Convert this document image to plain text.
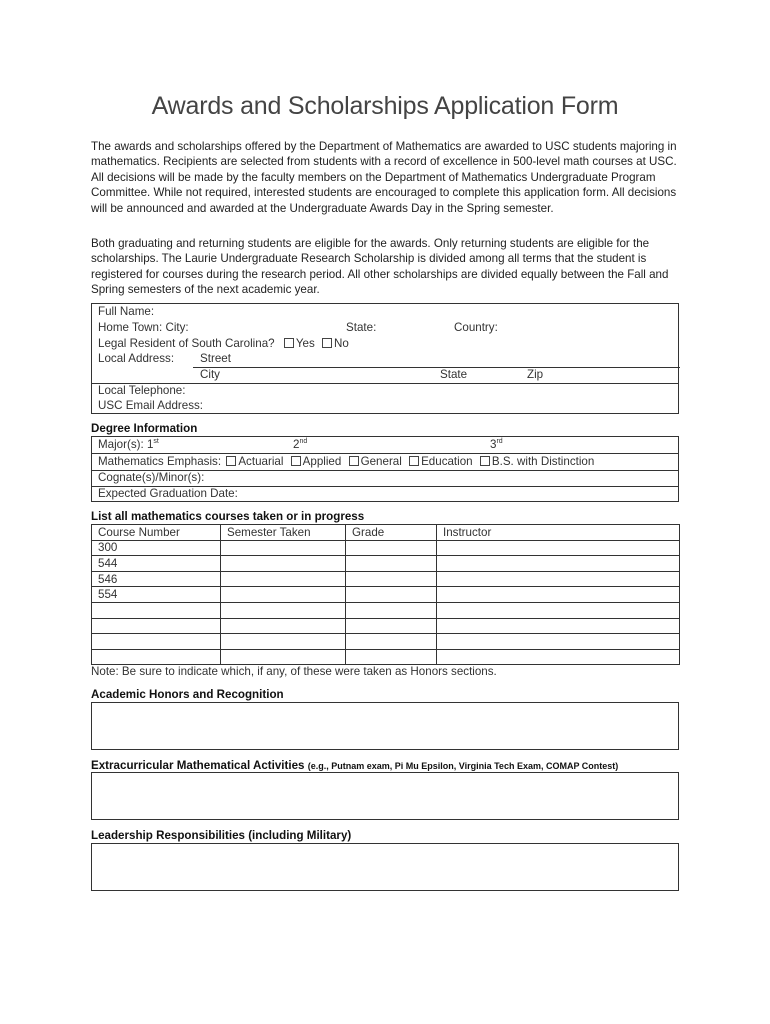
Awards and Scholarships Application Form

The awards and scholarships offered by the Department of Mathematics are awarded to USC students majoring in mathematics. Recipients are selected from students with a record of excellence in 500-level math courses at USC. All decisions will be made by the faculty members on the Department of Mathematics Undergraduate Program Committee. While not required, interested students are encouraged to complete this application form. All decisions will be announced and awarded at the Undergraduate Awards Day in the Spring semester.

Both graduating and returning students are eligible for the awards. Only returning students are eligible for the scholarships. The Laurie Undergraduate Research Scholarship is divided among all terms that the student is registered for courses during the research period. All other scholarships are divided equally between the Fall and Spring semesters of the next academic year.

Full Name:
Home Town: City:	State:	Country:
Legal Resident of South Carolina? Yes No
Local Address: Street
City	State	Zip
Local Telephone:
USC Email Address:
Degree Information
Major(s): 1st	2nd	3rd
Mathematics Emphasis: Actuarial Applied General Education B.S. with Distinction
Cognate(s)/Minor(s):
Expected Graduation Date:
List all mathematics courses taken or in progress
Course Number	Semester Taken	Grade	Instructor
300			
544			
546			
554			

Note: Be sure to indicate which, if any, of these were taken as Honors sections.
Academic Honors and Recognition
Extracurricular Mathematical Activities (e.g., Putnam exam, Pi Mu Epsilon, Virginia Tech Exam, COMAP Contest)
Leadership Responsibilities (including Military)
